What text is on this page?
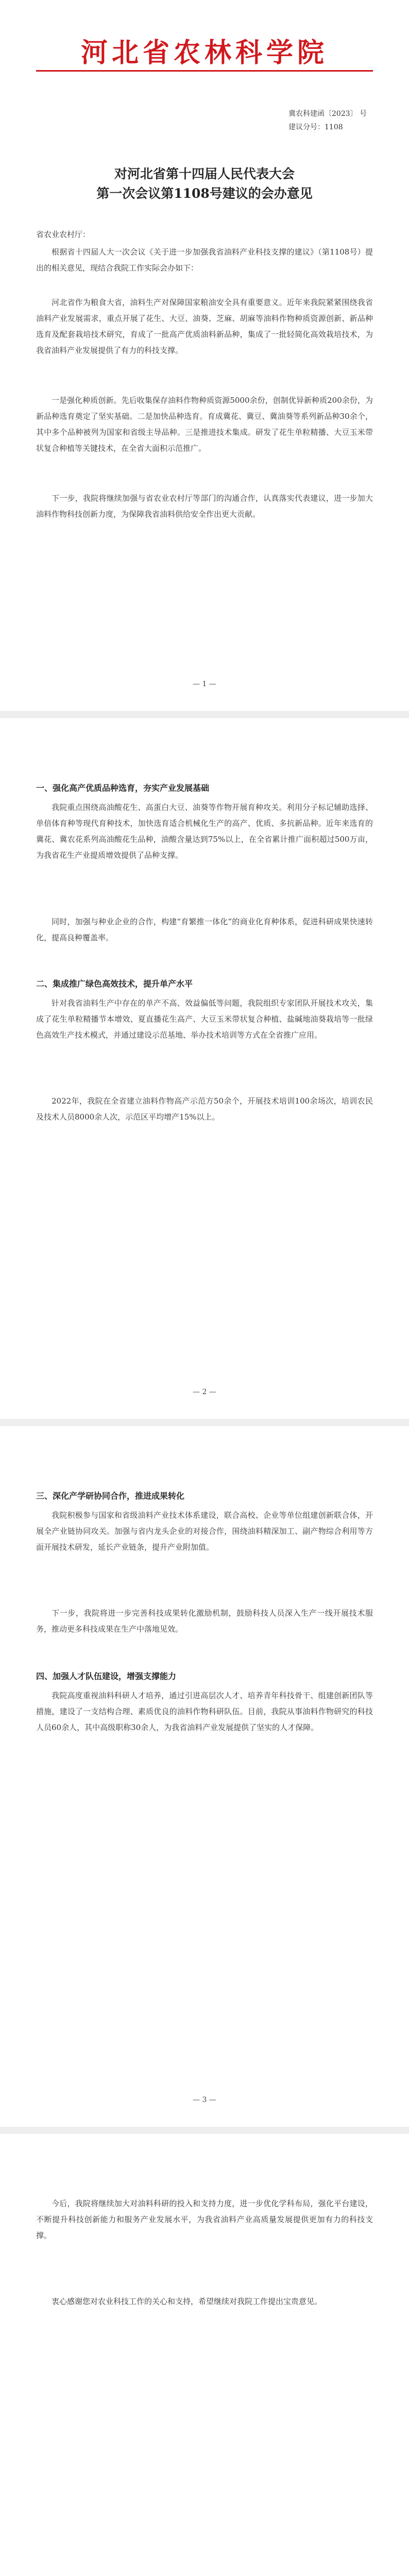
河北省农林科学院
冀农科建函〔2023〕 号
建议分号：1108
对河北省第十四届人民代表大会
第一次会议第1108号建议的会办意见
省农业农村厅：
根据省十四届人大一次会议《关于进一步加强我省油料产业科技支撑的建议》（第1108号）提出的相关意见，现结合我院工作实际会办如下：
河北省作为粮食大省，油料生产对保障国家粮油安全具有重要意义。近年来我院紧紧围绕我省油料产业发展需求，重点开展了花生、大豆、油葵、芝麻、胡麻等油料作物种质资源创新、新品种选育及配套栽培技术研究，育成了一批高产优质油料新品种，集成了一批轻简化高效栽培技术，为我省油料产业发展提供了有力的科技支撑。
一是强化种质创新。先后收集保存油料作物种质资源5000余份，创制优异新种质200余份，为新品种选育奠定了坚实基础。二是加快品种选育。育成冀花、冀豆、冀油葵等系列新品种30余个，其中多个品种被列为国家和省级主导品种。三是推进技术集成。研发了花生单粒精播、大豆玉米带状复合种植等关键技术，在全省大面积示范推广。
下一步，我院将继续加强与省农业农村厅等部门的沟通合作，认真落实代表建议，进一步加大油料作物科技创新力度，为保障我省油料供给安全作出更大贡献。
— 1 —
一、强化高产优质品种选育，夯实产业发展基础
我院重点围绕高油酸花生、高蛋白大豆、油葵等作物开展育种攻关。利用分子标记辅助选择、单倍体育种等现代育种技术，加快选育适合机械化生产的高产、优质、多抗新品种。近年来选育的冀花、冀农花系列高油酸花生品种，油酸含量达到75%以上，在全省累计推广面积超过500万亩，为我省花生产业提质增效提供了品种支撑。
同时，加强与种业企业的合作，构建“育繁推一体化”的商业化育种体系，促进科研成果快速转化，提高良种覆盖率。
二、集成推广绿色高效技术，提升单产水平
针对我省油料生产中存在的单产不高、效益偏低等问题，我院组织专家团队开展技术攻关，集成了花生单粒精播节本增效、夏直播花生高产、大豆玉米带状复合种植、盐碱地油葵栽培等一批绿色高效生产技术模式，并通过建设示范基地、举办技术培训等方式在全省推广应用。
2022年，我院在全省建立油料作物高产示范方50余个，开展技术培训100余场次，培训农民及技术人员8000余人次，示范区平均增产15%以上。
— 2 —
三、深化产学研协同合作，推进成果转化
我院积极参与国家和省级油料产业技术体系建设，联合高校、企业等单位组建创新联合体，开展全产业链协同攻关。加强与省内龙头企业的对接合作，围绕油料精深加工、副产物综合利用等方面开展技术研发，延长产业链条，提升产业附加值。
下一步，我院将进一步完善科技成果转化激励机制，鼓励科技人员深入生产一线开展技术服务，推动更多科技成果在生产中落地见效。
四、加强人才队伍建设，增强支撑能力
我院高度重视油料科研人才培养，通过引进高层次人才、培养青年科技骨干、组建创新团队等措施，建设了一支结构合理、素质优良的油料作物科研队伍。目前，我院从事油料作物研究的科技人员60余人，其中高级职称30余人，为我省油料产业发展提供了坚实的人才保障。
— 3 —
今后，我院将继续加大对油料科研的投入和支持力度，进一步优化学科布局，强化平台建设，不断提升科技创新能力和服务产业发展水平，为我省油料产业高质量发展提供更加有力的科技支撑。
衷心感谢您对农业科技工作的关心和支持，希望继续对我院工作提出宝贵意见。
